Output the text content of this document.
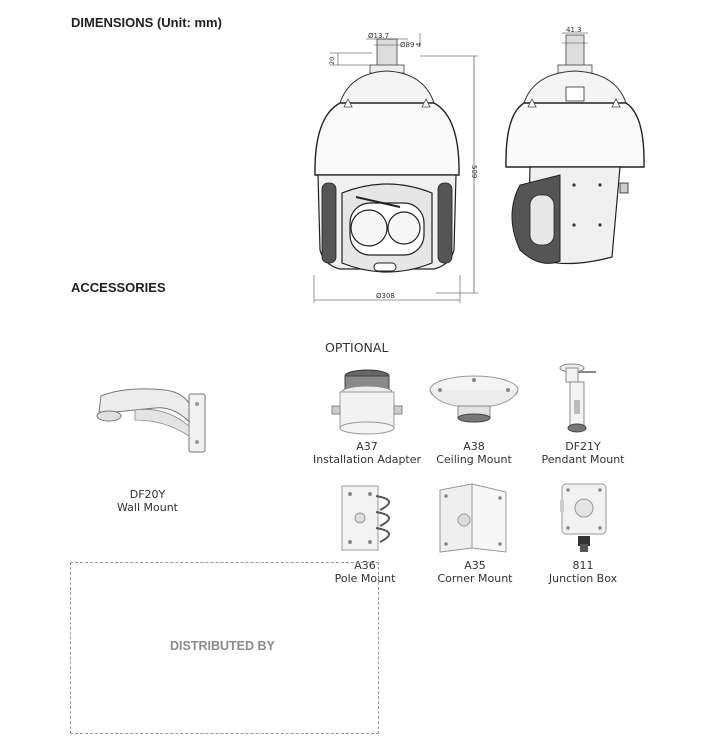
DIMENSIONS (Unit: mm)
ACCESSORIES
OPTIONAL
Ø13.7
Ø89 4
20
509
Ø308
41.3
DF20Y
Wall Mount
A37
Installation Adapter
A38
Ceiling Mount
DF21Y
Pendant Mount
A36
Pole Mount
A35
Corner Mount
811
Junction Box
DISTRIBUTED BY
